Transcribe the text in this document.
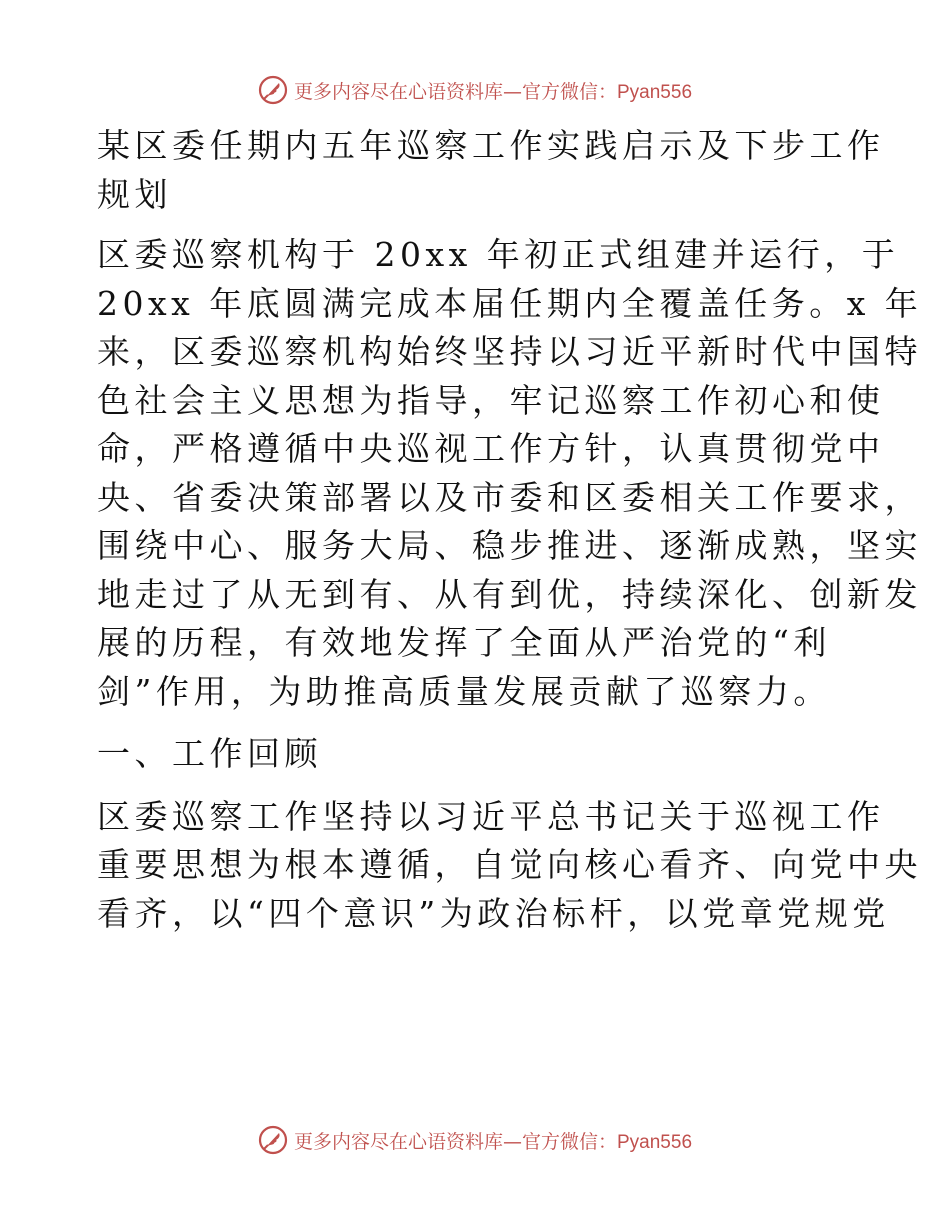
更多内容尽在心语资料库—官方微信：Pyan556

某区委任期内五年巡察工作实践启示及下步工作

规划

区委巡察机构于 20xx 年初正式组建并运行，于

20xx 年底圆满完成本届任期内全覆盖任务。x 年

来，区委巡察机构始终坚持以习近平新时代中国特

色社会主义思想为指导，牢记巡察工作初心和使

命，严格遵循中央巡视工作方针，认真贯彻党中

央、省委决策部署以及市委和区委相关工作要求，

围绕中心、服务大局、稳步推进、逐渐成熟，坚实

地走过了从无到有、从有到优，持续深化、创新发

展的历程，有效地发挥了全面从严治党的“利

剑”作用，为助推高质量发展贡献了巡察力。

一、工作回顾

区委巡察工作坚持以习近平总书记关于巡视工作

重要思想为根本遵循，自觉向核心看齐、向党中央

看齐，以“四个意识”为政治标杆，以党章党规党

更多内容尽在心语资料库—官方微信：Pyan556
